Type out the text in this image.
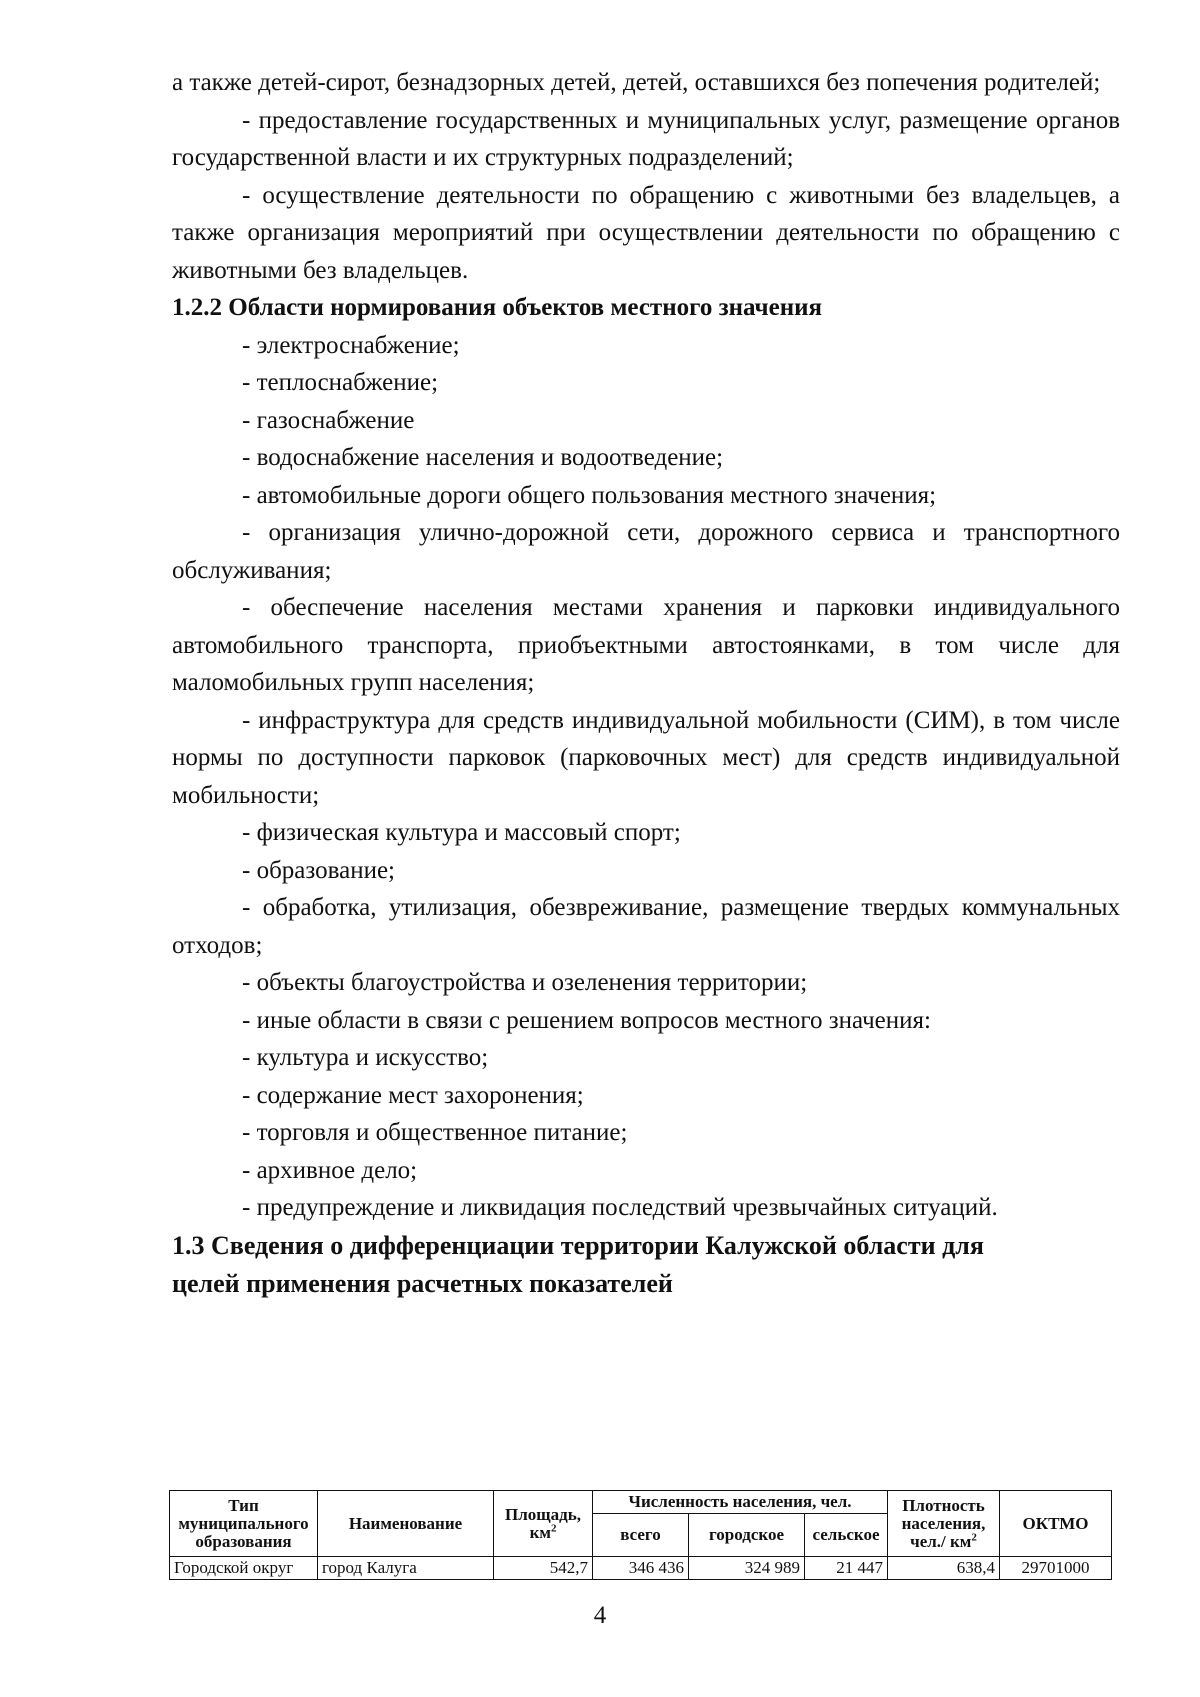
а также детей-сирот, безнадзорных детей, детей, оставшихся без попечения родителей;

- предоставление государственных и муниципальных услуг, размещение органов государственной власти и их структурных подразделений;

- осуществление деятельности по обращению с животными без владельцев, а также организация мероприятий при осуществлении деятельности по обращению с животными без владельцев.

1.2.2 Области нормирования объектов местного значения

- электроснабжение;

- теплоснабжение;

- газоснабжение

- водоснабжение населения и водоотведение;

- автомобильные дороги общего пользования местного значения;

- организация улично-дорожной сети, дорожного сервиса и транспортного обслуживания;

- обеспечение населения местами хранения и парковки индивидуального автомобильного транспорта, приобъектными автостоянками, в том числе для маломобильных групп населения;

- инфраструктура для средств индивидуальной мобильности (СИМ), в том числе нормы по доступности парковок (парковочных мест) для средств индивидуальной мобильности;

- физическая культура и массовый спорт;

- образование;

- обработка, утилизация, обезвреживание, размещение твердых коммунальных отходов;

- объекты благоустройства и озеленения территории;

- иные области в связи с решением вопросов местного значения:

- культура и искусство;

- содержание мест захоронения;

- торговля и общественное питание;

- архивное дело;

- предупреждение и ликвидация последствий чрезвычайных ситуаций.

1.3 Сведения о дифференциации территории Калужской области для
целей применения расчетных показателей

Тип муниципального образования	Наименование	Площадь, $км^2$	Численность населения, чел.			Плотность населения, чел./ $км^2$	ОКТМО
			всего	городское	сельское		
Городской округ	город Калуга	542,7	346 436	324 989	21 447	638,4	29701000
4
